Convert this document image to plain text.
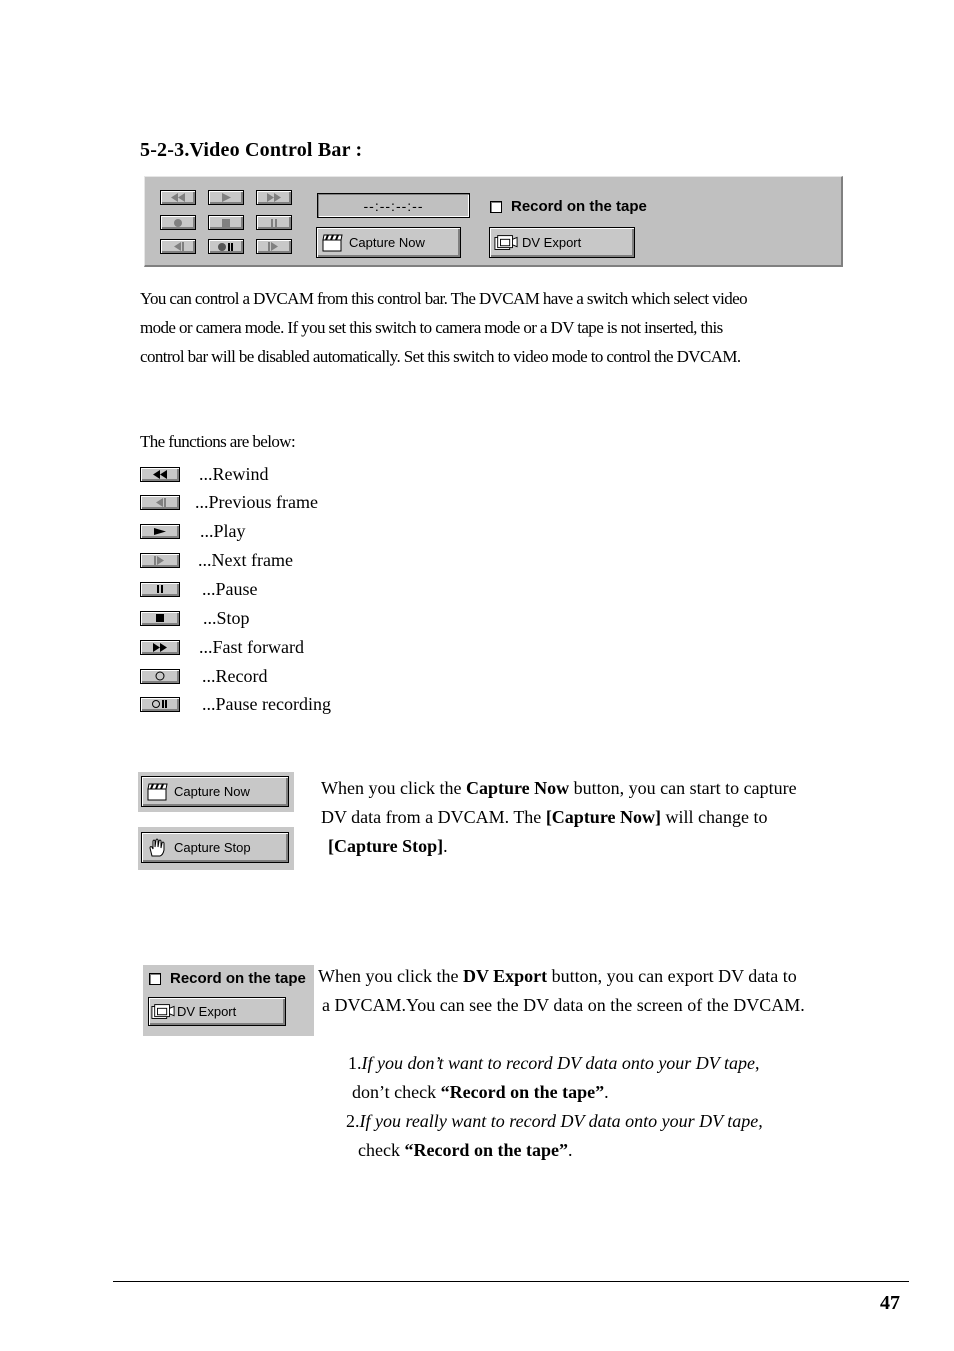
5-2-3.Video Control Bar :
--:--:--:--
Capture Now
Record on the tape
DV Export
You can control a DVCAM from this control bar. The DVCAM have a switch which select video
mode or camera mode. If you set this switch to camera mode or a DV tape is not inserted, this
control bar will be disabled automatically. Set this switch to video mode to control the DVCAM.
The functions are below:
...Rewind
...Previous frame
...Play
...Next frame
...Pause
...Stop
...Fast forward
...Record
...Pause recording
Capture Now
Capture Stop
When you click the Capture Now button, you can start to capture
DV data from a DVCAM. The [Capture Now] will change to
[Capture Stop].
Record on the tape
DV Export
When you click the DV Export button, you can export DV data to
a DVCAM.You can see the DV data on the screen of the DVCAM.
1.If you don’t want to record DV data onto your DV tape,
don’t check “Record on the tape”.
2.If you really want to record DV data onto your DV tape,
check “Record on the tape”.
47
